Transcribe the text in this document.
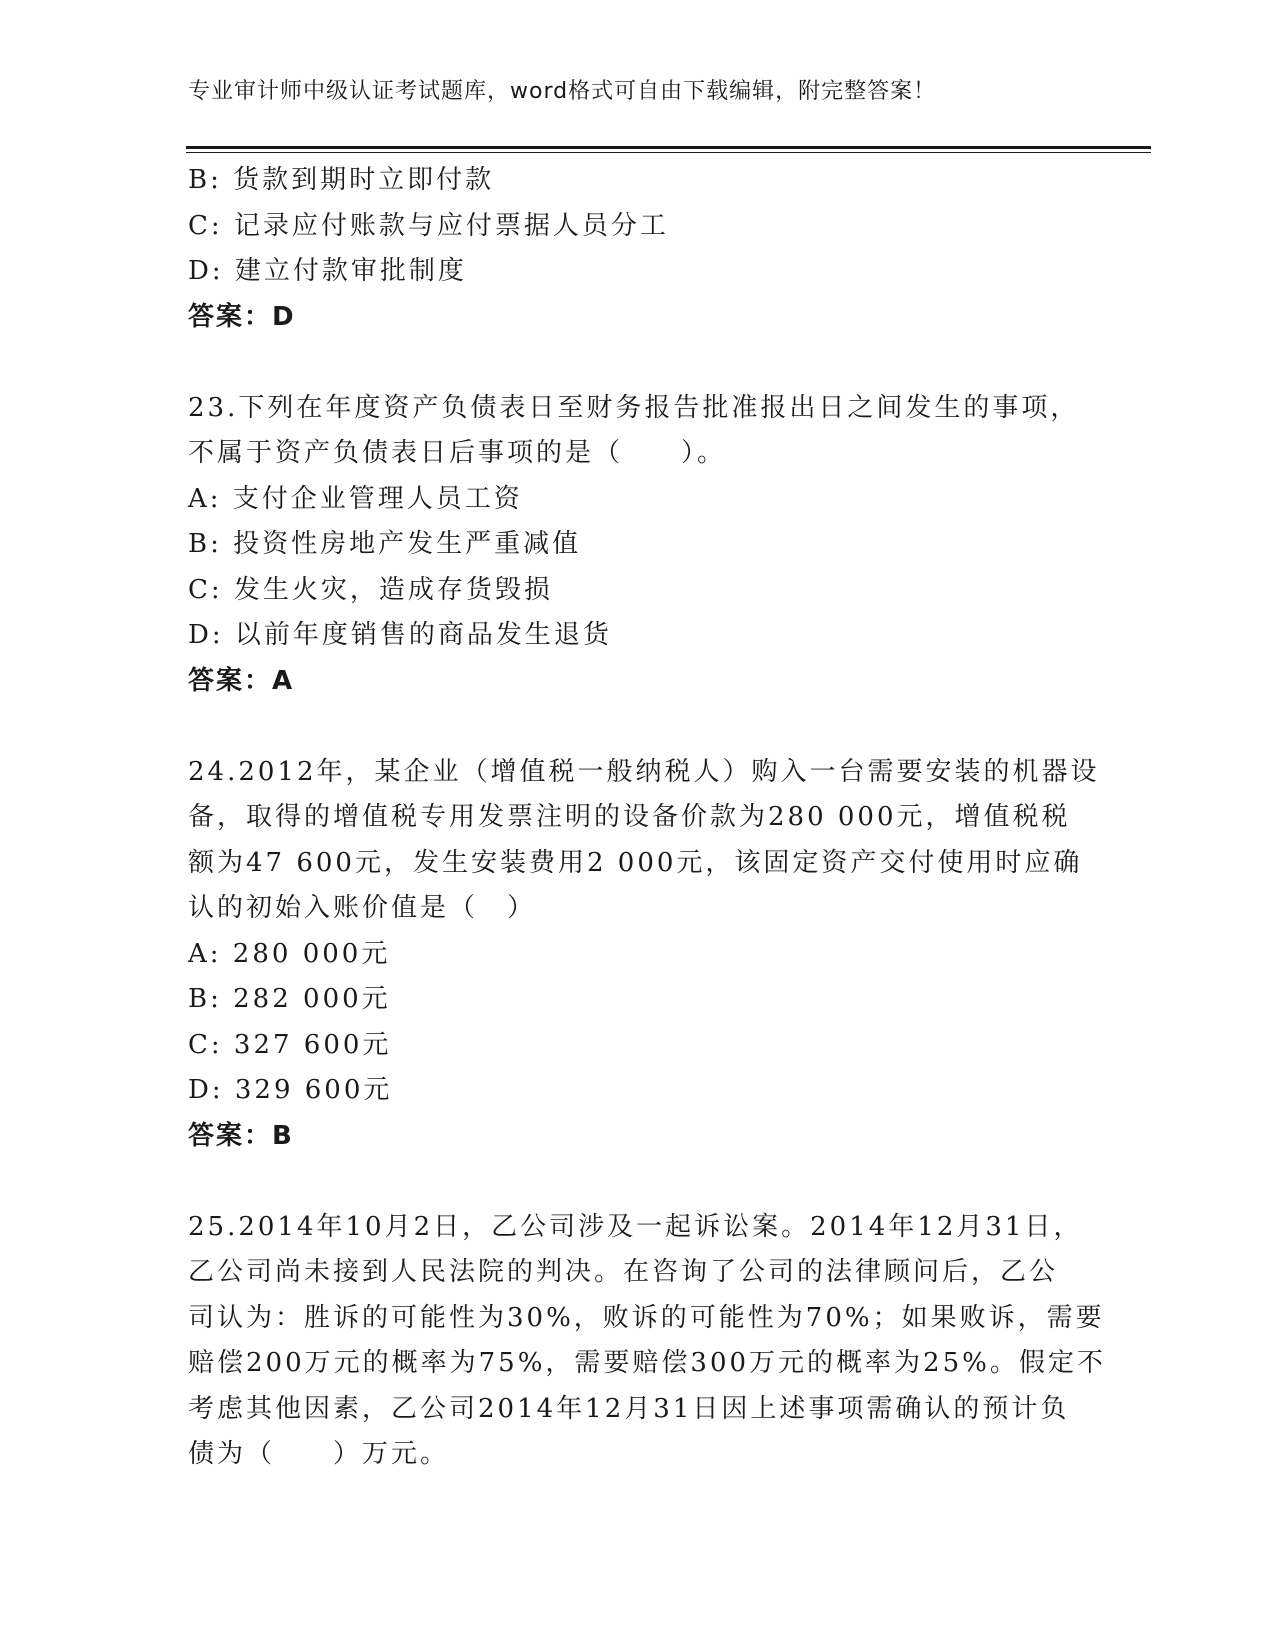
专业审计师中级认证考试题库，word格式可自由下载编辑，附完整答案！
B: 货款到期时立即付款
C: 记录应付账款与应付票据人员分工
D: 建立付款审批制度
答案：D
23.下列在年度资产负债表日至财务报告批准报出日之间发生的事项，
不属于资产负债表日后事项的是（　　）。
A: 支付企业管理人员工资
B: 投资性房地产发生严重减值
C: 发生火灾，造成存货毁损
D: 以前年度销售的商品发生退货
答案：A
24.2012年，某企业（增值税一般纳税人）购入一台需要安装的机器设
备，取得的增值税专用发票注明的设备价款为280 000元，增值税税
额为47 600元，发生安装费用2 000元，该固定资产交付使用时应确
认的初始入账价值是（　）
A: 280 000元
B: 282 000元
C: 327 600元
D: 329 600元
答案：B
25.2014年10月2日，乙公司涉及一起诉讼案。2014年12月31日，
乙公司尚未接到人民法院的判决。在咨询了公司的法律顾问后，乙公
司认为：胜诉的可能性为30%，败诉的可能性为70%；如果败诉，需要
赔偿200万元的概率为75%，需要赔偿300万元的概率为25%。假定不
考虑其他因素，乙公司2014年12月31日因上述事项需确认的预计负
债为（　　）万元。
